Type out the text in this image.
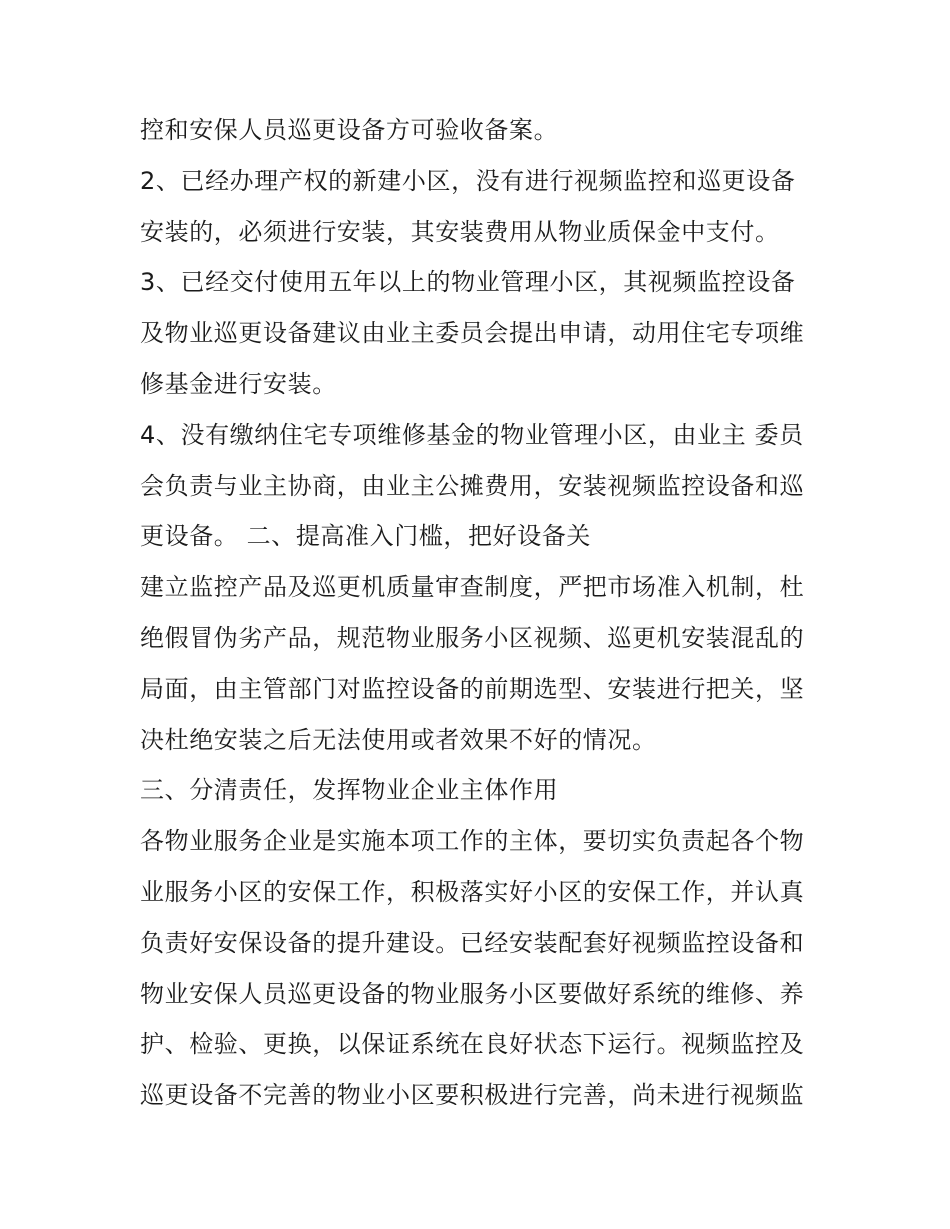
控和安保人员巡更设备方可验收备案。
2、已经办理产权的新建小区，没有进行视频监控和巡更设备
安装的，必须进行安装，其安装费用从物业质保金中支付。
3、已经交付使用五年以上的物业管理小区，其视频监控设备
及物业巡更设备建议由业主委员会提出申请，动用住宅专项维
修基金进行安装。
4、没有缴纳住宅专项维修基金的物业管理小区，由业主 委员
会负责与业主协商，由业主公摊费用，安装视频监控设备和巡
更设备。 二、提高准入门槛，把好设备关
建立监控产品及巡更机质量审查制度，严把市场准入机制，杜
绝假冒伪劣产品，规范物业服务小区视频、巡更机安装混乱的
局面，由主管部门对监控设备的前期选型、安装进行把关，坚
决杜绝安装之后无法使用或者效果不好的情况。
三、分清责任，发挥物业企业主体作用
各物业服务企业是实施本项工作的主体，要切实负责起各个物
业服务小区的安保工作，积极落实好小区的安保工作，并认真
负责好安保设备的提升建设。已经安装配套好视频监控设备和
物业安保人员巡更设备的物业服务小区要做好系统的维修、养
护、检验、更换，以保证系统在良好状态下运行。视频监控及
巡更设备不完善的物业小区要积极进行完善，尚未进行视频监
